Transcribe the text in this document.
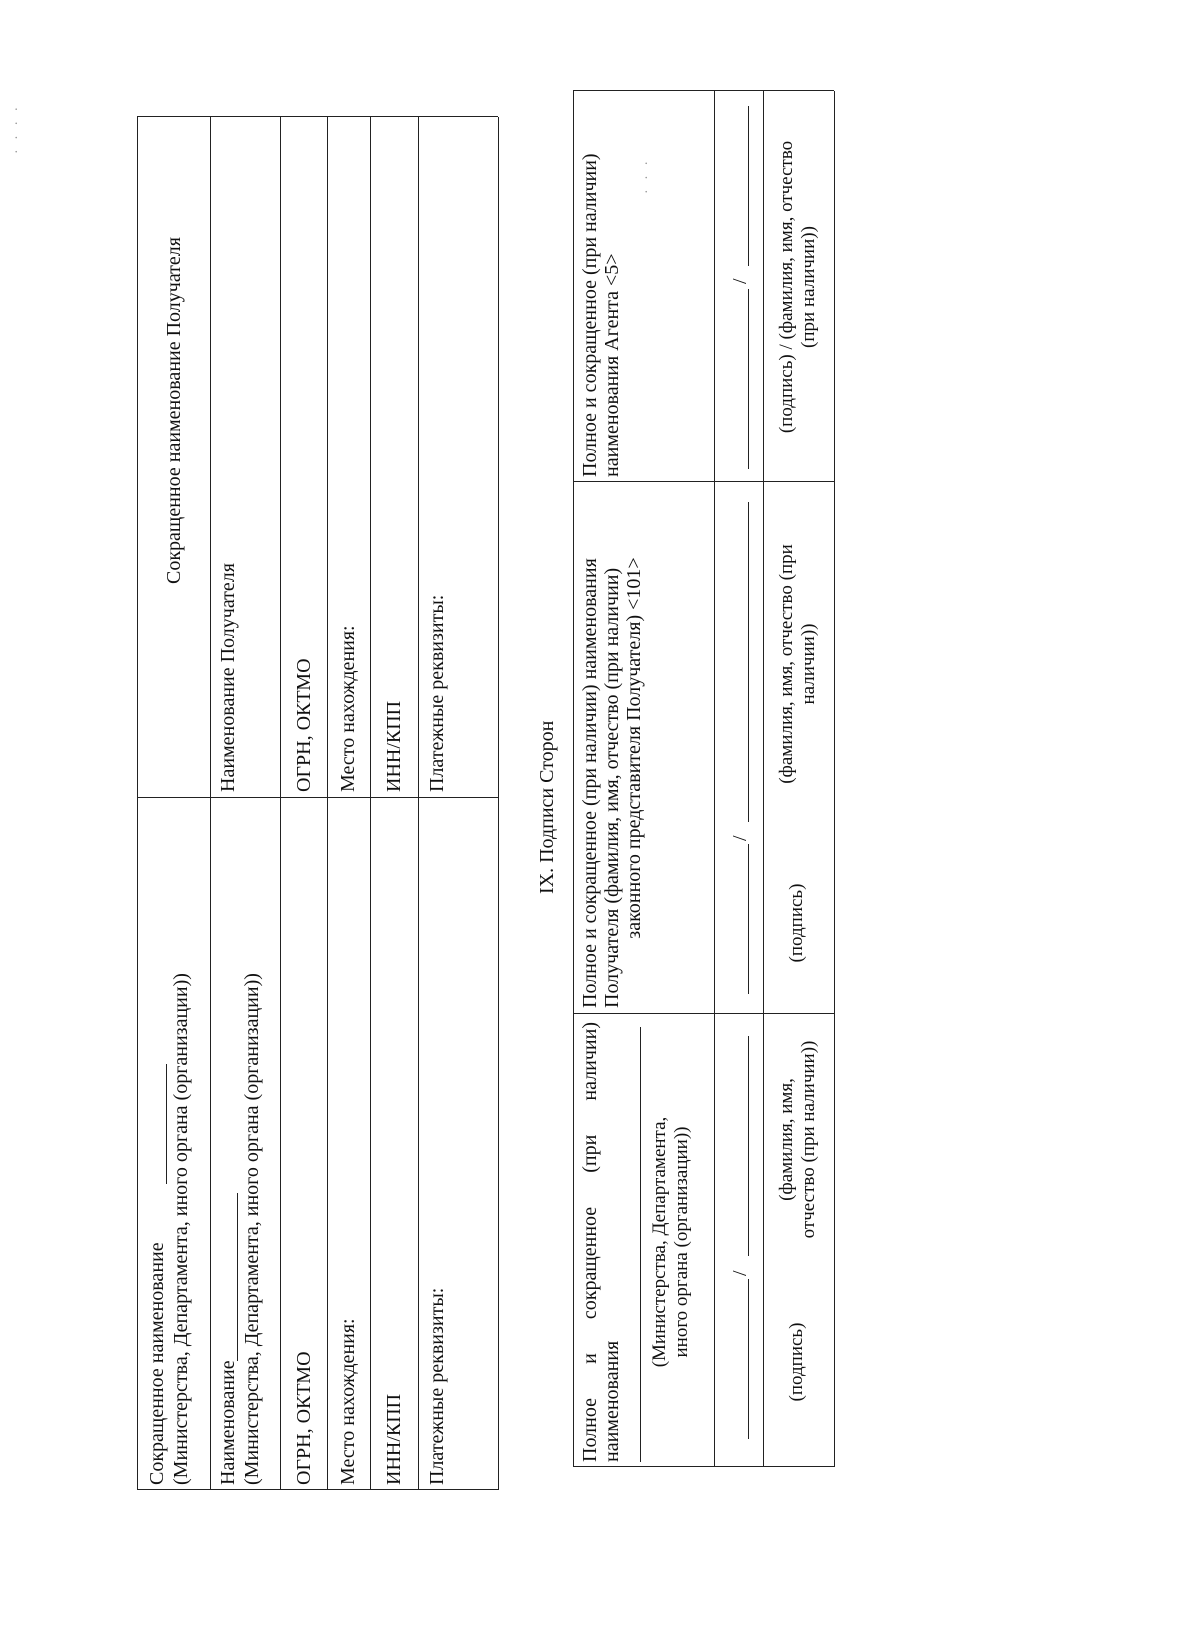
· · · ·
· · ·
Сокращенное наименование (Министерства, Департамента, иного органа (организации))
Сокращенное наименование Получателя
Наименование (Министерства, Департамента, иного органа (организации))
Наименование Получателя
ОГРН, ОКТМО
ОГРН, ОКТМО
Место нахождения:
Место нахождения:
ИНН/КПП
ИНН/КПП
Платежные реквизиты:
Платежные реквизиты:
IX. Подписи Сторон
Полное и сокращенное (при наличии) наименования
(Министерства, Департамента, иного органа (организации)) /
(подпись)
(фамилия, имя, отчество (при наличии))
Полное и сокращенное (при наличии) наименования Получателя (фамилия, имя, отчество (при наличии) законного представителя Получателя) <101>	/
(подпись)
(фамилия, имя, отчество (при наличии))
Полное и сокращенное (при наличии) наименования Агента <5>	/ (подпись) / (фамилия, имя, отчество (при наличии))
